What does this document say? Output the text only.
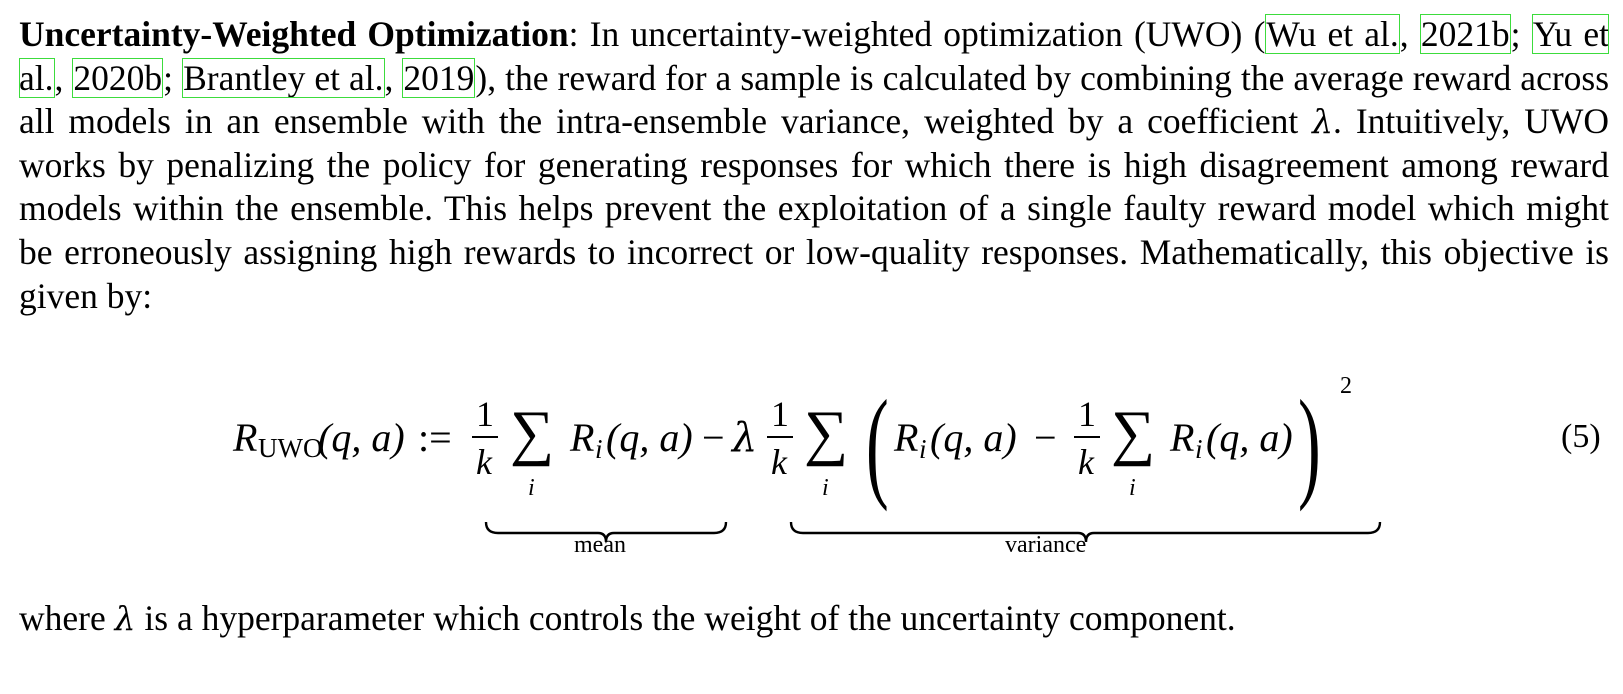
Uncertainty-Weighted Optimization: In uncertainty-weighted optimization (UWO) (Wu et al., 2021b; Yu et al., 2020b; Brantley et al., 2019), the reward for a sample is calculated by combining the average reward across all models in an ensemble with the intra-ensemble variance, weighted by a coefficient λ. Intuitively, UWO works by penalizing the policy for generating responses for which there is high disagreement among reward models within the ensemble. This helps prevent the exploitation of a single faulty reward model which might be erroneously assigning high rewards to incorrect or low-quality responses. Mathematically, this objective is given by:

R UWO
(q, a) :=
1
k ∑
i
R i (q, a) − λ
1
k ∑
i ( R i (q, a) −
1
k ∑
i
R i (q, a) ) 2
mean	variance
(5)

where λ is a hyperparameter which controls the weight of the uncertainty component.
